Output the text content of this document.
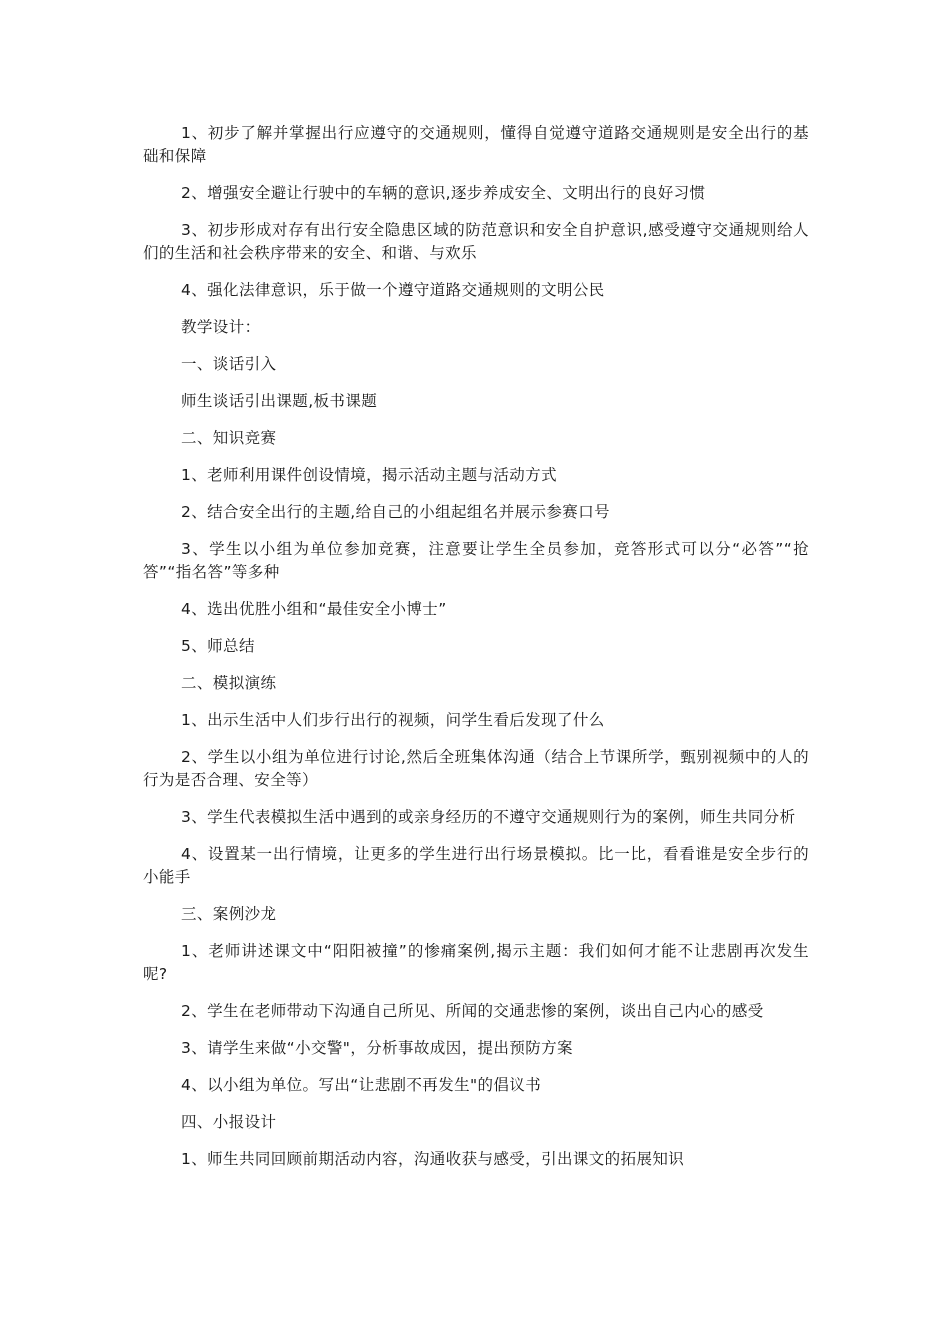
1、初步了解并掌握出行应遵守的交通规则，懂得自觉遵守道路交通规则是安全出行的基础和保障

2、增强安全避让行驶中的车辆的意识,逐步养成安全、文明出行的良好习惯

3、初步形成对存有出行安全隐患区域的防范意识和安全自护意识,感受遵守交通规则给人们的生活和社会秩序带来的安全、和谐、与欢乐

4、强化法律意识，乐于做一个遵守道路交通规则的文明公民

教学设计：

一、谈话引入

师生谈话引出课题,板书课题

二、知识竞赛

1、老师利用课件创设情境，揭示活动主题与活动方式

2、结合安全出行的主题,给自己的小组起组名并展示参赛口号

3、学生以小组为单位参加竞赛，注意要让学生全员参加，竞答形式可以分“必答”“抢答”“指名答”等多种

4、选出优胜小组和“最佳安全小博士”

5、师总结

二、模拟演练

1、出示生活中人们步行出行的视频，问学生看后发现了什么

2、学生以小组为单位进行讨论,然后全班集体沟通（结合上节课所学，甄别视频中的人的行为是否合理、安全等）

3、学生代表模拟生活中遇到的或亲身经历的不遵守交通规则行为的案例，师生共同分析

4、设置某一出行情境，让更多的学生进行出行场景模拟。比一比，看看谁是安全步行的小能手

三、案例沙龙

1、老师讲述课文中“阳阳被撞”的惨痛案例,揭示主题：我们如何才能不让悲剧再次发生呢?

2、学生在老师带动下沟通自己所见、所闻的交通悲惨的案例，谈出自己内心的感受

3、请学生来做“小交警"，分析事故成因，提出预防方案

4、以小组为单位。写出“让悲剧不再发生"的倡议书

四、小报设计

1、师生共同回顾前期活动内容，沟通收获与感受，引出课文的拓展知识
